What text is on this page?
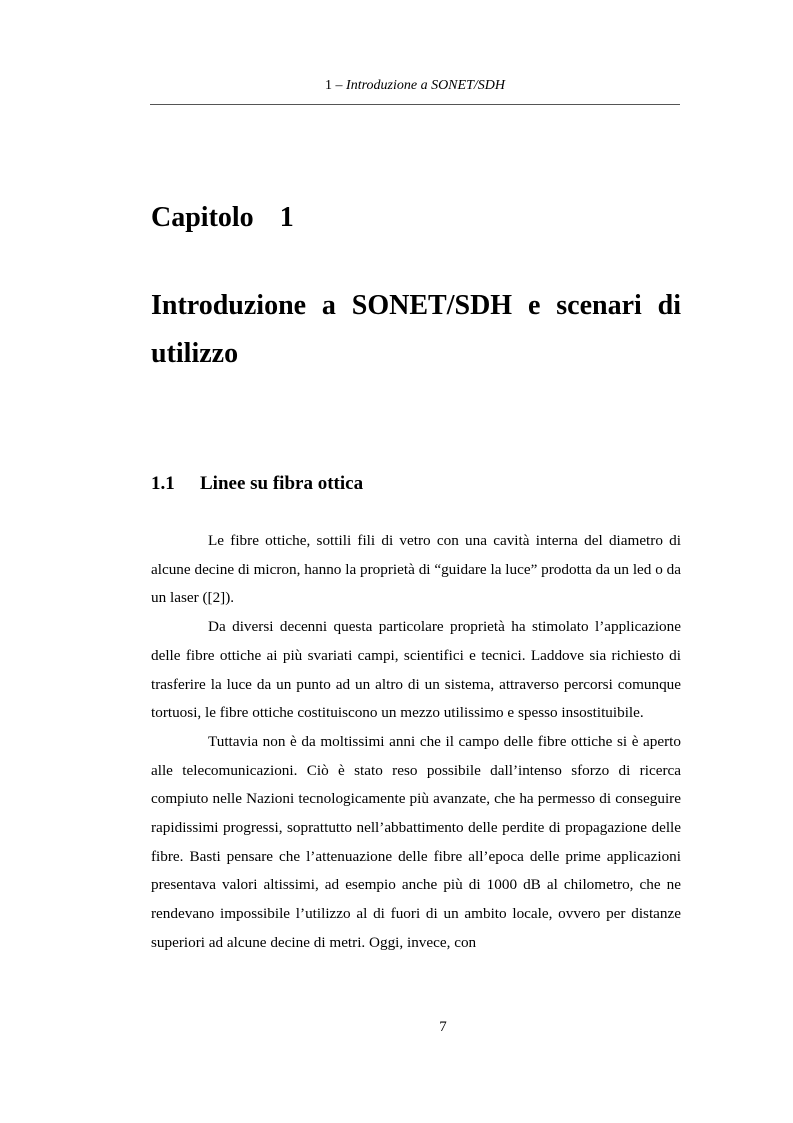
1 – Introduzione a SONET/SDH
Capitolo 1
Introduzione a SONET/SDH e scenari di utilizzo
1.1 Linee su fibra ottica

Le fibre ottiche, sottili fili di vetro con una cavità interna del diametro di alcune decine di micron, hanno la proprietà di “guidare la luce” prodotta da un led o da un laser ([2]).

Da diversi decenni questa particolare proprietà ha stimolato l’applicazione delle fibre ottiche ai più svariati campi, scientifici e tecnici. Laddove sia richiesto di trasferire la luce da un punto ad un altro di un sistema, attraverso percorsi comunque tortuosi, le fibre ottiche costituiscono un mezzo utilissimo e spesso insostituibile.

Tuttavia non è da moltissimi anni che il campo delle fibre ottiche si è aperto alle telecomunicazioni. Ciò è stato reso possibile dall’intenso sforzo di ricerca compiuto nelle Nazioni tecnologicamente più avanzate, che ha permesso di conseguire rapidissimi progressi, soprattutto nell’abbattimento delle perdite di propagazione delle fibre. Basti pensare che l’attenuazione delle fibre all’epoca delle prime applicazioni presentava valori altissimi, ad esempio anche più di 1000 dB al chilometro, che ne rendevano impossibile l’utilizzo al di fuori di un ambito locale, ovvero per distanze superiori ad alcune decine di metri. Oggi, invece, con

7
